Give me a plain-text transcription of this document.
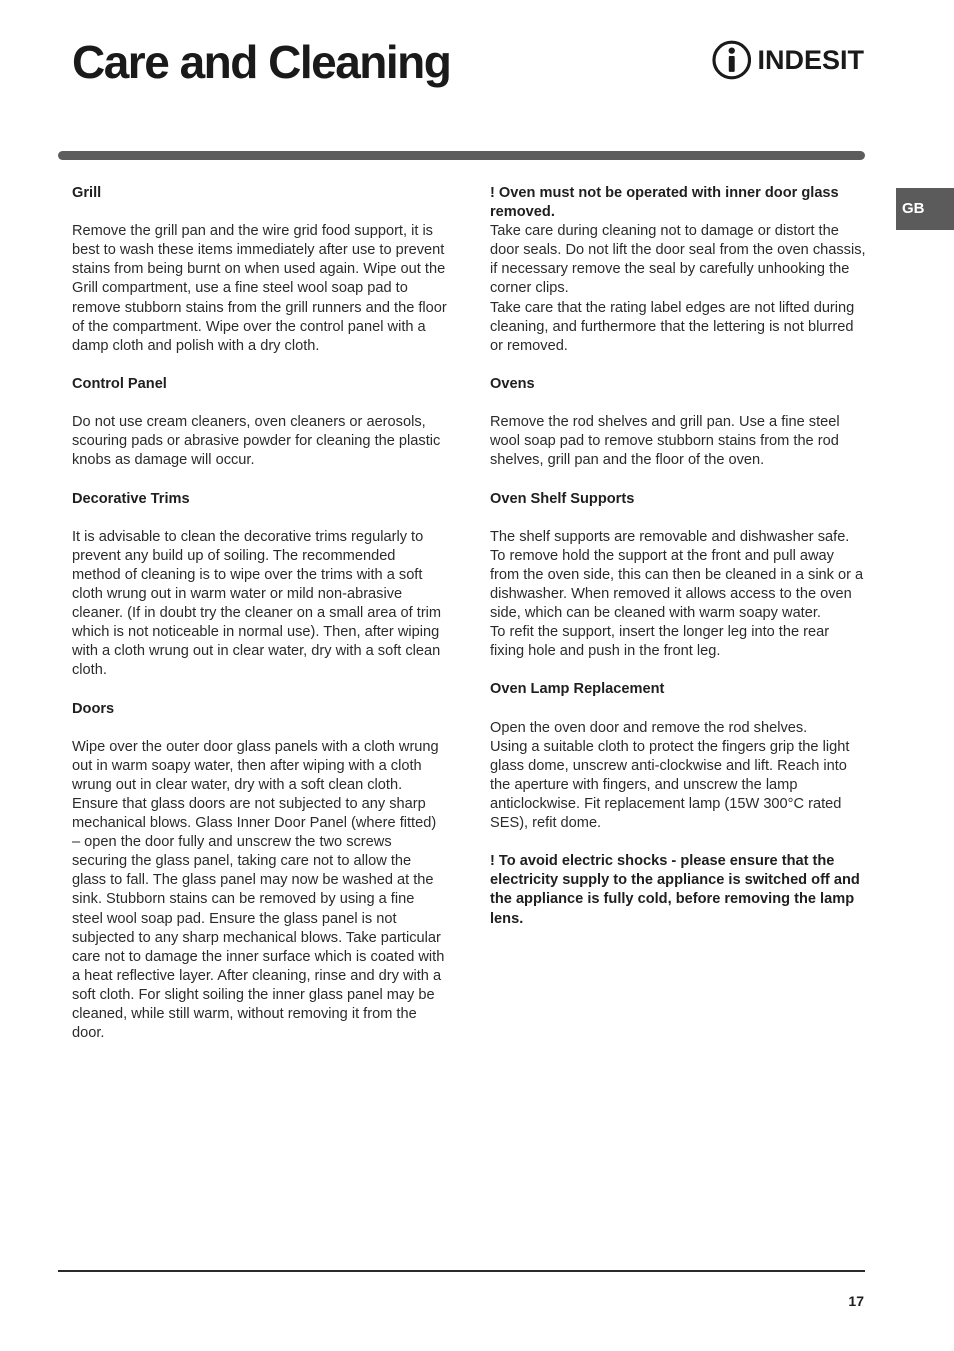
Care and Cleaning	INDESIT
GB

Grill

Remove the grill pan and the wire grid food support, it is best to wash these items immediately after use to prevent stains from being burnt on when used again. Wipe out the Grill compartment, use a fine steel wool soap pad to remove stubborn stains from the grill runners and the floor of the compartment. Wipe over the control panel with a damp cloth and polish with a dry cloth.

Control Panel

Do not use cream cleaners, oven cleaners or aerosols, scouring pads or abrasive powder for cleaning the plastic knobs as damage will occur.

Decorative Trims

It is advisable to clean the decorative trims regularly to prevent any build up of soiling. The recommended method of cleaning is to wipe over the trims with a soft cloth wrung out in warm water or mild non-abrasive cleaner. (If in doubt try the cleaner on a small area of trim which is not noticeable in normal use). Then, after wiping with a cloth wrung out in clear water, dry with a soft clean cloth.

Doors

Wipe over the outer door glass panels with a cloth wrung out in warm soapy water, then after wiping with a cloth wrung out in clear water, dry with a soft clean cloth. Ensure that glass doors are not subjected to any sharp mechanical blows. Glass Inner Door Panel (where fitted) – open the door fully and unscrew the two screws securing the glass panel, taking care not to allow the glass to fall. The glass panel may now be washed at the sink. Stubborn stains can be removed by using a fine steel wool soap pad. Ensure the glass panel is not subjected to any sharp mechanical blows. Take particular care not to damage the inner surface which is coated with a heat reflective layer. After cleaning, rinse and dry with a soft cloth. For slight soiling the inner glass panel may be cleaned, while still warm, without removing it from the door.

! Oven must not be operated with inner door glass removed.

Take care during cleaning not to damage or distort the door seals. Do not lift the door seal from the oven chassis, if necessary remove the seal by carefully unhooking the corner clips.

Take care that the rating label edges are not lifted during cleaning, and furthermore that the lettering is not blurred or removed.

Ovens

Remove the rod shelves and grill pan. Use a fine steel wool soap pad to remove stubborn stains from the rod shelves, grill pan and the floor of the oven.

Oven Shelf Supports

The shelf supports are removable and dishwasher safe.

To remove hold the support at the front and pull away from the oven side, this can then be cleaned in a sink or a dishwasher. When removed it allows access to the oven side, which can be cleaned with warm soapy water.

To refit the support, insert the longer leg into the rear fixing hole and push in the front leg.

Oven Lamp Replacement

Open the oven door and remove the rod shelves.

Using a suitable cloth to protect the fingers grip the light glass dome, unscrew anti-clockwise and lift. Reach into the aperture with fingers, and unscrew the lamp anticlockwise. Fit replacement lamp (15W 300°C rated SES), refit dome.

! To avoid electric shocks - please ensure that the electricity supply to the appliance is switched off and the appliance is fully cold, before removing the lamp lens.

17
